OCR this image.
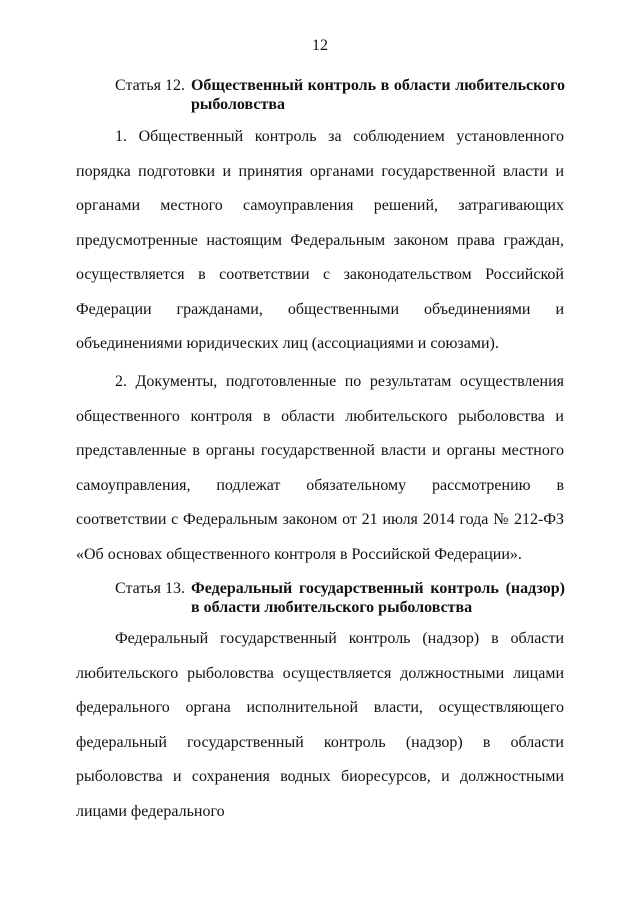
12
Статья 12. Общественный контроль в области любительского рыболовства

1. Общественный контроль за соблюдением установленного порядка подготовки и принятия органами государственной власти и органами местного самоуправления решений, затрагивающих предусмотренные настоящим Федеральным законом права граждан, осуществляется в соответствии с законодательством Российской Федерации гражданами, общественными объединениями и объединениями юридических лиц (ассоциациями и союзами).

2. Документы, подготовленные по результатам осуществления общественного контроля в области любительского рыболовства и представленные в органы государственной власти и органы местного самоуправления, подлежат обязательному рассмотрению в соответствии с Федеральным законом от 21 июля 2014 года № 212-ФЗ «Об основах общественного контроля в Российской Федерации».

Статья 13. Федеральный государственный контроль (надзор) в области любительского рыболовства

Федеральный государственный контроль (надзор) в области любительского рыболовства осуществляется должностными лицами федерального органа исполнительной власти, осуществляющего федеральный государственный контроль (надзор) в области рыболовства и сохранения водных биоресурсов, и должностными лицами федерального
